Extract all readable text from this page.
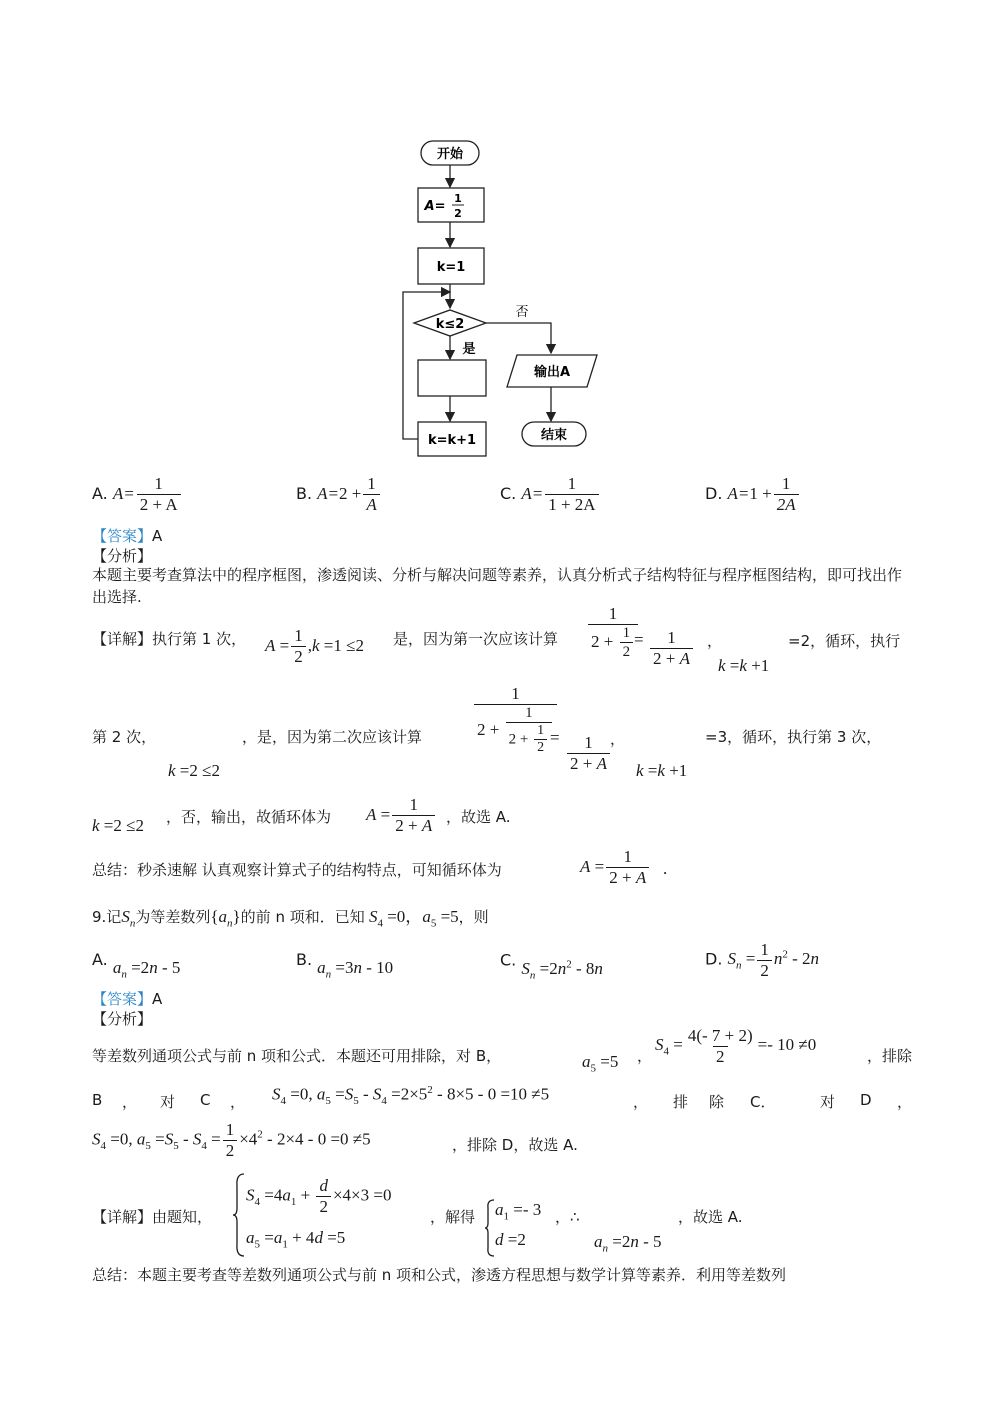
开始
A=
1
2
k=1
k≤2
否
是
输出A
结束
k=k+1
A. $A= \frac{1}{2 + A}$	B. $A=2 + \frac{1}{A}$	C. $A= \frac{1}{1 + 2A}$	D. $A=1 + \frac{1}{2A}$
【答案】A
【分析】
本题主要考查算法中的程序框图，渗透阅读、分析与解决问题等素养，认真分析式子结构特征与程序框图结构，即可找出作出选择.
【详解】执行第 1 次， $A = \frac{1}{2} ,k =1 \le 2$ 是，因为第一次应该计算 $\frac{1}{2 + \frac{1}{2}}$
= $\frac{1}{2 + A}$ ，
k =k +1
=2，循环，执行
第 2 次，
k =2 ≤2
，是，因为第二次应该计算	$\frac{1}{2 + \frac{1}{2 + \frac{1}{2}}}$
= $\frac{1}{2 + A}$ ，
k =k +1
=3，循环，执行第 3 次，
k =2 ≤2 ，否，输出，故循环体为 $A = \frac{1}{2 + A}$ ，故选 A.
总结：秒杀速解 认真观察计算式子的结构特点，可知循环体为	$A = \frac{1}{2 + A}$ .
9.记$S_n$为等差数列$\{a_n\}$的前 n 项和．已知 $S_4 =0$，$a_5 =5$，则
A. $a_n =2n - 5$	B. $a_n =3n - 10$	C. $S_n =2n^2 - 8n$	D. $S_n = \frac{1}{2} n^2 - 2n$
【答案】A
【分析】
等差数列通项公式与前 n 项和公式．本题还可用排除，对 B，	$a_5 =5$ ，
$S_4 = \frac{4(- 7 + 2)}{2} =- 10 \ne 0$
，排除
B ， 对 C ， $S_4 =0$, $a_5 =S_5 - S_4 =2\times 5^2 - 8\times 5 - 0 =10 \ne 5$	， 排 除 C．	对 D ，
$S_4 =0$, $a_5 =S_5 - S_4 = \frac{1}{2} \times 4^2 - 2\times 4 - 0 =0 \ne 5$	，排除 D，故选 A.
【详解】由题知，
$S_4 =4a_1 + \frac{d}{2} \times 4\times 3 =0$
$a_5 =a_1 + 4d =5$
，解得 $a_1 =- 3$
d =2
，∴
$a_n =2n - 5$
，故选 A.
总结：本题主要考查等差数列通项公式与前 n 项和公式，渗透方程思想与数学计算等素养．利用等差数列
